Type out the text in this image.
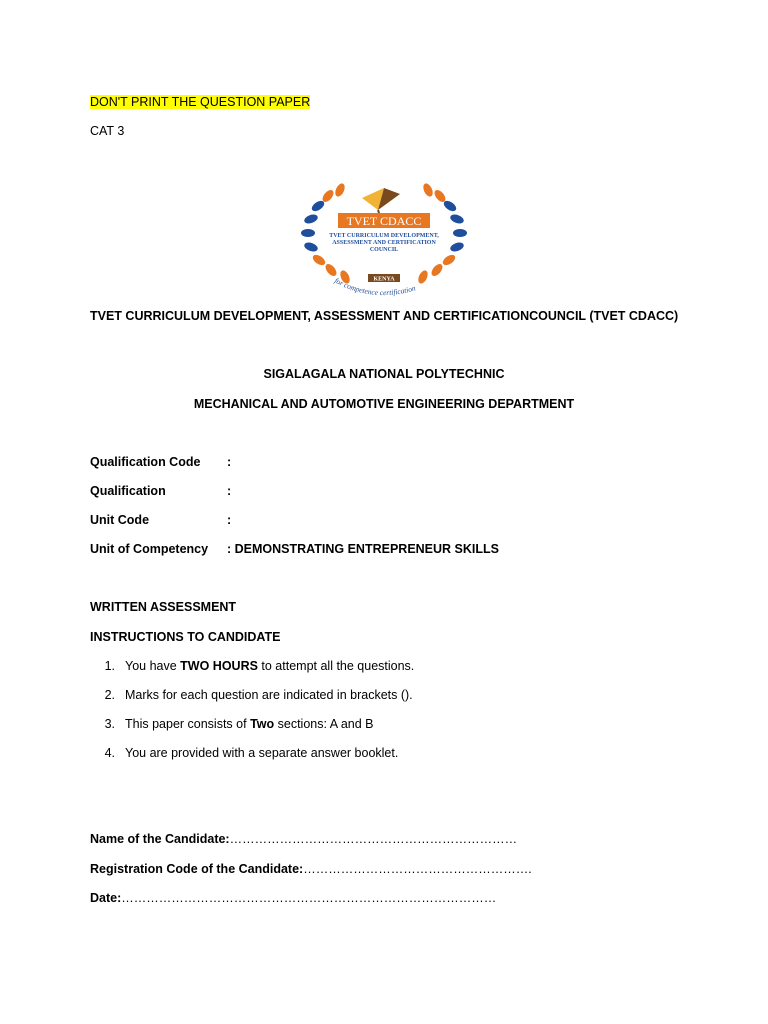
DON'T PRINT THE QUESTION PAPER
CAT 3
TVET CDACC
TVET CURRICULUM DEVELOPMENT,
ASSESSMENT AND CERTIFICATION
COUNCIL
KENYA
for competence certification
TVET CURRICULUM DEVELOPMENT, ASSESSMENT AND CERTIFICATIONCOUNCIL (TVET CDACC)
SIGALAGALA NATIONAL POLYTECHNIC
MECHANICAL AND AUTOMOTIVE ENGINEERING DEPARTMENT
Qualification Code :
Qualification	:
Unit Code	:
Unit of Competency : DEMONSTRATING ENTREPRENEUR SKILLS
WRITTEN ASSESSMENT
INSTRUCTIONS TO CANDIDATE
1. You have TWO HOURS to attempt all the questions.
2. Marks for each question are indicated in brackets ().
3. This paper consists of Two sections: A and B
4. You are provided with a separate answer booklet.
Name of the Candidate:……………………………………………………………
Registration Code of the Candidate:……………………………………………….
Date:………………………………………………………………………………
